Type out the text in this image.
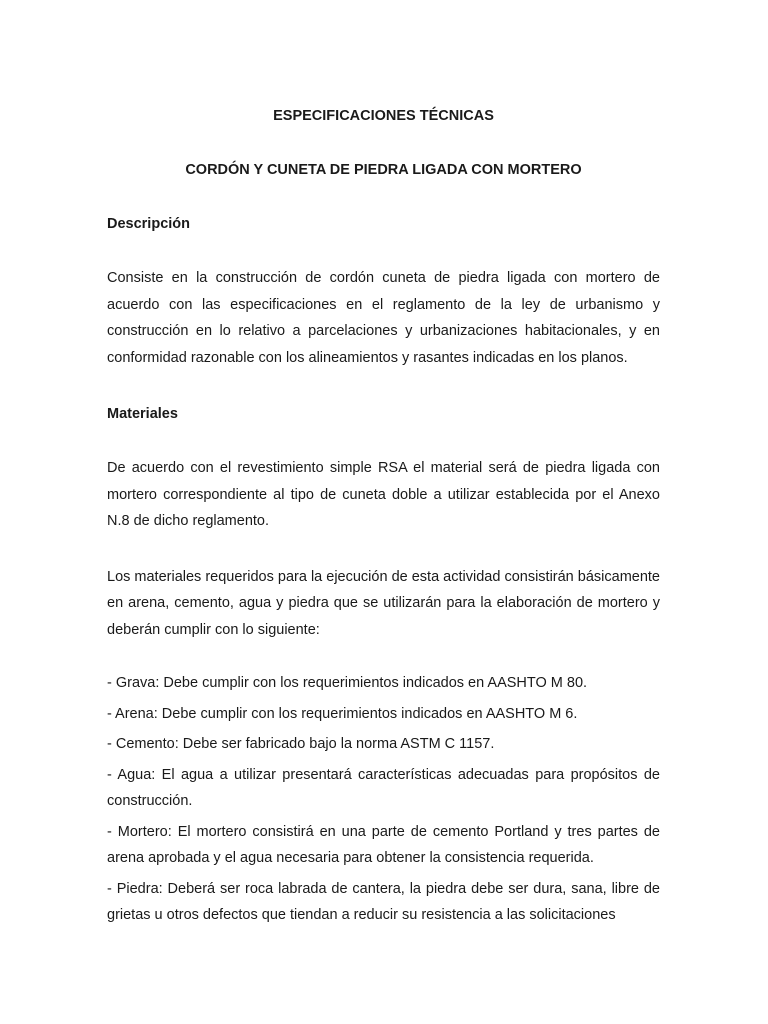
ESPECIFICACIONES TÉCNICAS
CORDÓN Y CUNETA DE PIEDRA LIGADA CON MORTERO
Descripción

Consiste en la construcción de cordón cuneta de piedra ligada con mortero de acuerdo con las especificaciones en el reglamento de la ley de urbanismo y construcción en lo relativo a parcelaciones y urbanizaciones habitacionales, y en conformidad razonable con los alineamientos y rasantes indicadas en los planos.

Materiales

De acuerdo con el revestimiento simple RSA el material será de piedra ligada con mortero correspondiente al tipo de cuneta doble a utilizar establecida por el Anexo N.8 de dicho reglamento.

Los materiales requeridos para la ejecución de esta actividad consistirán básicamente en arena, cemento, agua y piedra que se utilizarán para la elaboración de mortero y deberán cumplir con lo siguiente:

- Grava: Debe cumplir con los requerimientos indicados en AASHTO M 80.

- Arena: Debe cumplir con los requerimientos indicados en AASHTO M 6.

- Cemento: Debe ser fabricado bajo la norma ASTM C 1157.

- Agua: El agua a utilizar presentará características adecuadas para propósitos de construcción.

- Mortero: El mortero consistirá en una parte de cemento Portland y tres partes de arena aprobada y el agua necesaria para obtener la consistencia requerida.

- Piedra: Deberá ser roca labrada de cantera, la piedra debe ser dura, sana, libre de grietas u otros defectos que tiendan a reducir su resistencia a las solicitaciones
